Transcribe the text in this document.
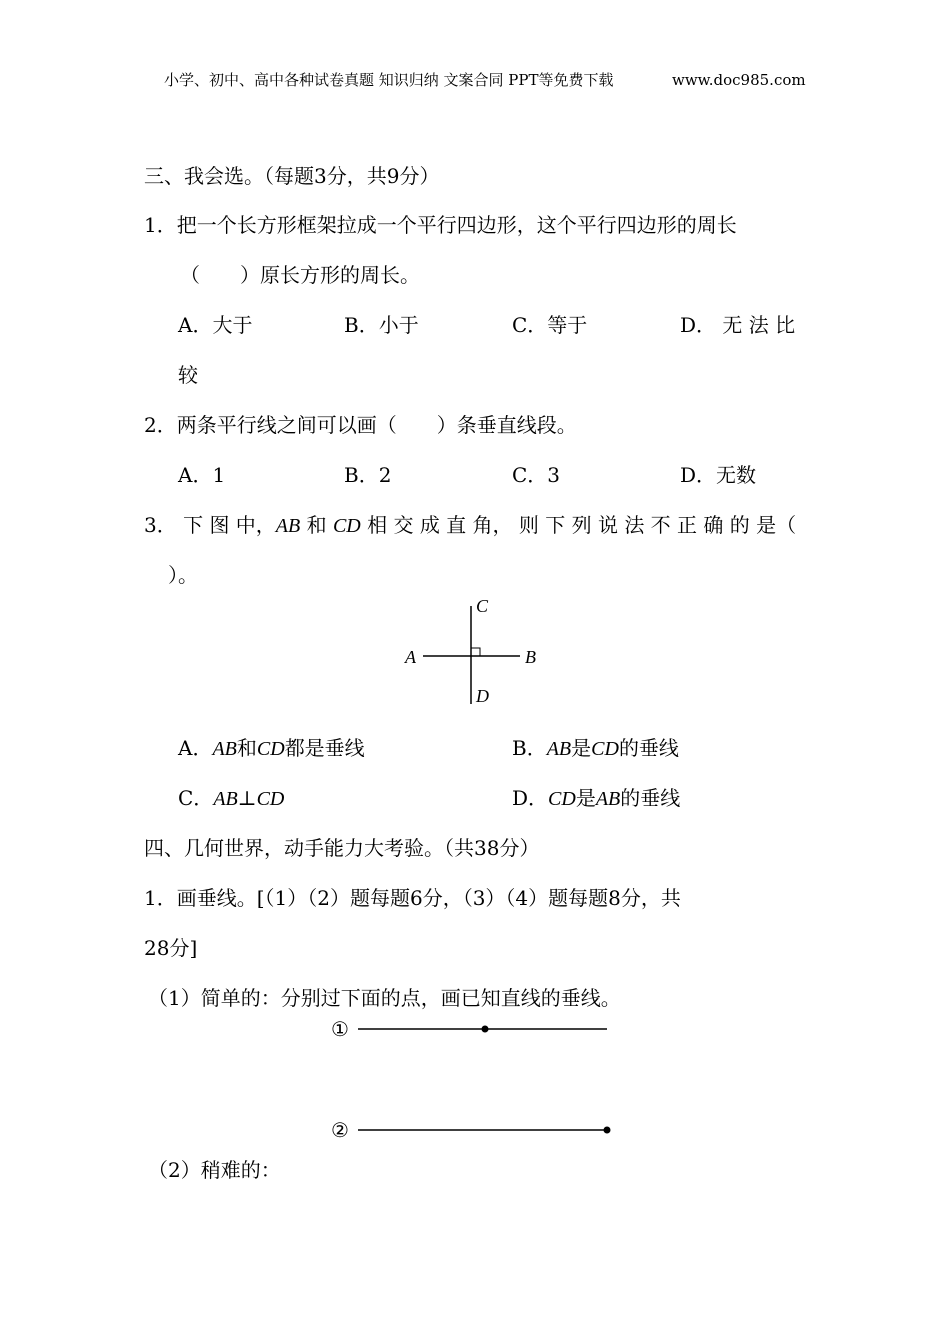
小学、初中、高中各种试卷真题 知识归纳 文案合同 PPT等免费下载	www.doc985.com
三、我会选。（每题3分，共9分）
1．把一个长方形框架拉成一个平行四边形，这个平行四边形的周长
（　　）原长方形的周长。
A．大于	B．小于	C．等于	D． 无 法 比
较
2．两条平行线之间可以画（　　）条垂直线段。
A．1	B．2	C．3	D．无数
3． 下 图 中，AB 和 CD 相 交 成 直 角， 则 下 列 说 法 不 正 确 的 是（
）。
C
A	B
D
A．AB和CD都是垂线	B．AB是CD的垂线
C．AB⊥CD	D．CD是AB的垂线
四、几何世界，动手能力大考验。（共38分）
1．画垂线。[（1）（2）题每题6分，（3）（4）题每题8分，共
28分]
（1）简单的：分别过下面的点，画已知直线的垂线。
①
②
（2）稍难的：
